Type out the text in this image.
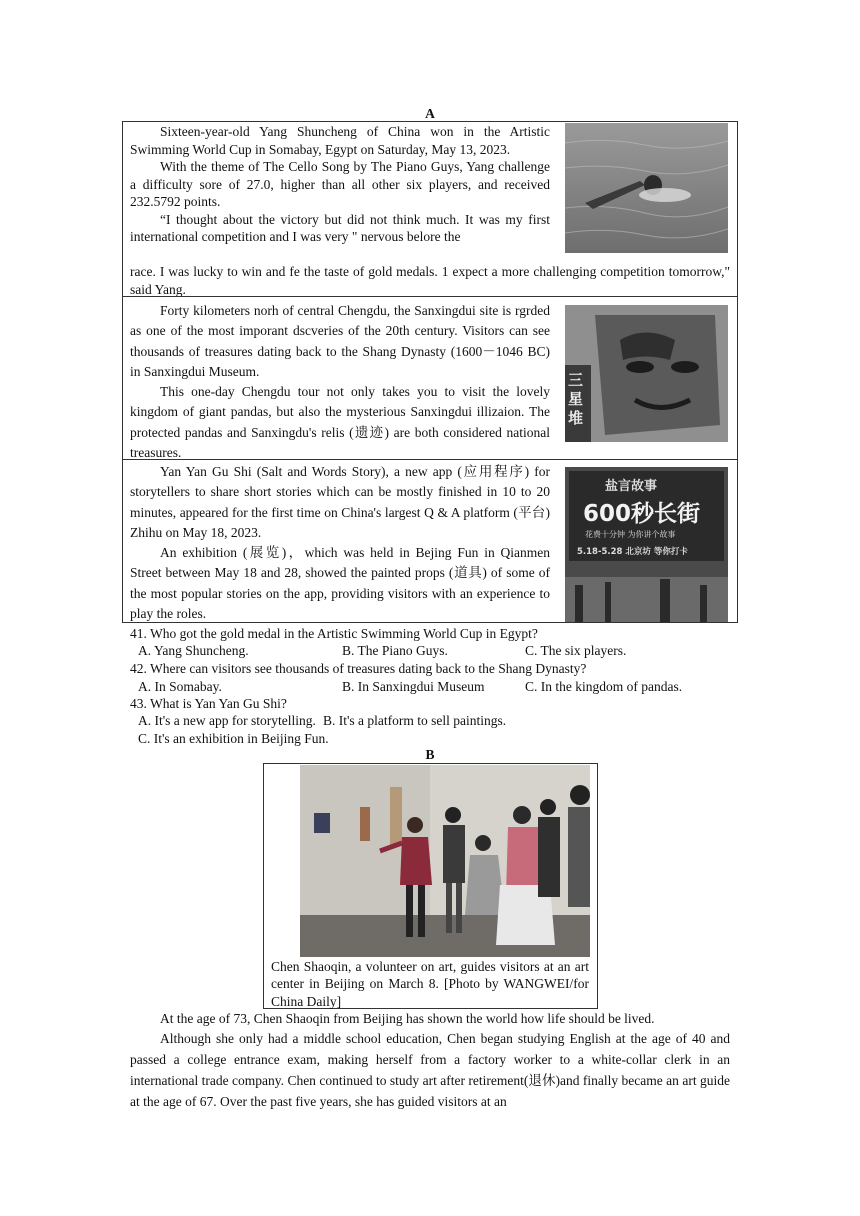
A

Sixteen-year-old Yang Shuncheng of China won in the Artistic Swimming World Cup in Somabay, Egypt on Saturday, May 13, 2023.

With the theme of The Cello Song by The Piano Guys, Yang challenge a difficulty sore of 27.0, higher than all other six players, and received 232.5792 points.

“I thought about the victory but did not think much. It was my first international competition and I was very " nervous belore the

race. I was lucky to win and fe the taste of gold medals. 1 expect a more challenging competition tomorrow," said Yang.

Forty kilometers norh of central Chengdu, the Sanxingdui site is rgrded as one of the most imporant dscveries of the 20th century. Visitors can see thousands of treasures dating back to the Shang Dynasty (1600－1046 BC) in Sanxingdui Museum.

This one-day Chengdu tour not only takes you to visit the lovely kingdom of giant pandas, but also the mysterious Sanxingdui illizaion. The protected pandas and Sanxingdu's relis (遗迹) are both considered national treasures.

三星堆

Yan Yan Gu Shi (Salt and Words Story), a new app (应用程序) for storytellers to share short stories which can be mostly finished in 10 to 20 minutes, appeared for the first time on China's largest Q & A platform (平台) Zhihu on May 18, 2023.

An exhibition (展览)，which was held in Bejing Fun in Qianmen Street between May 18 and 28, showed the painted props (道具) of some of the most popular stories on the app, providing visitors with an experience to play the roles.

盐言故事
600秒长街
花费十分钟 为你讲个故事
5.18-5.28 北京坊 等你打卡
41. Who got the gold medal in the Artistic Swimming World Cup in Egypt?
A. Yang Shuncheng.	B. The Piano Guys.	C. The six players.
42. Where can visitors see thousands of treasures dating back to the Shang Dynasty?
A. In Somabay.	B. In Sanxingdui Museum	C. In the kingdom of pandas.
43. What is Yan Yan Gu Shi?
A. It's a new app for storytelling. B. It's a platform to sell paintings.
C. It's an exhibition in Beijing Fun.
B

Chen Shaoqin, a volunteer on art, guides visitors at an art center in Beijing on March 8. [Photo by WANGWEI/for China Daily]

At the age of 73, Chen Shaoqin from Beijing has shown the world how life should be lived.

Although she only had a middle school education, Chen began studying English at the age of 40 and passed a college entrance exam, making herself from a factory worker to a white-collar clerk in an international trade company. Chen continued to study art after retirement(退休)and finally became an art guide at the age of 67. Over the past five years, she has guided visitors at an
